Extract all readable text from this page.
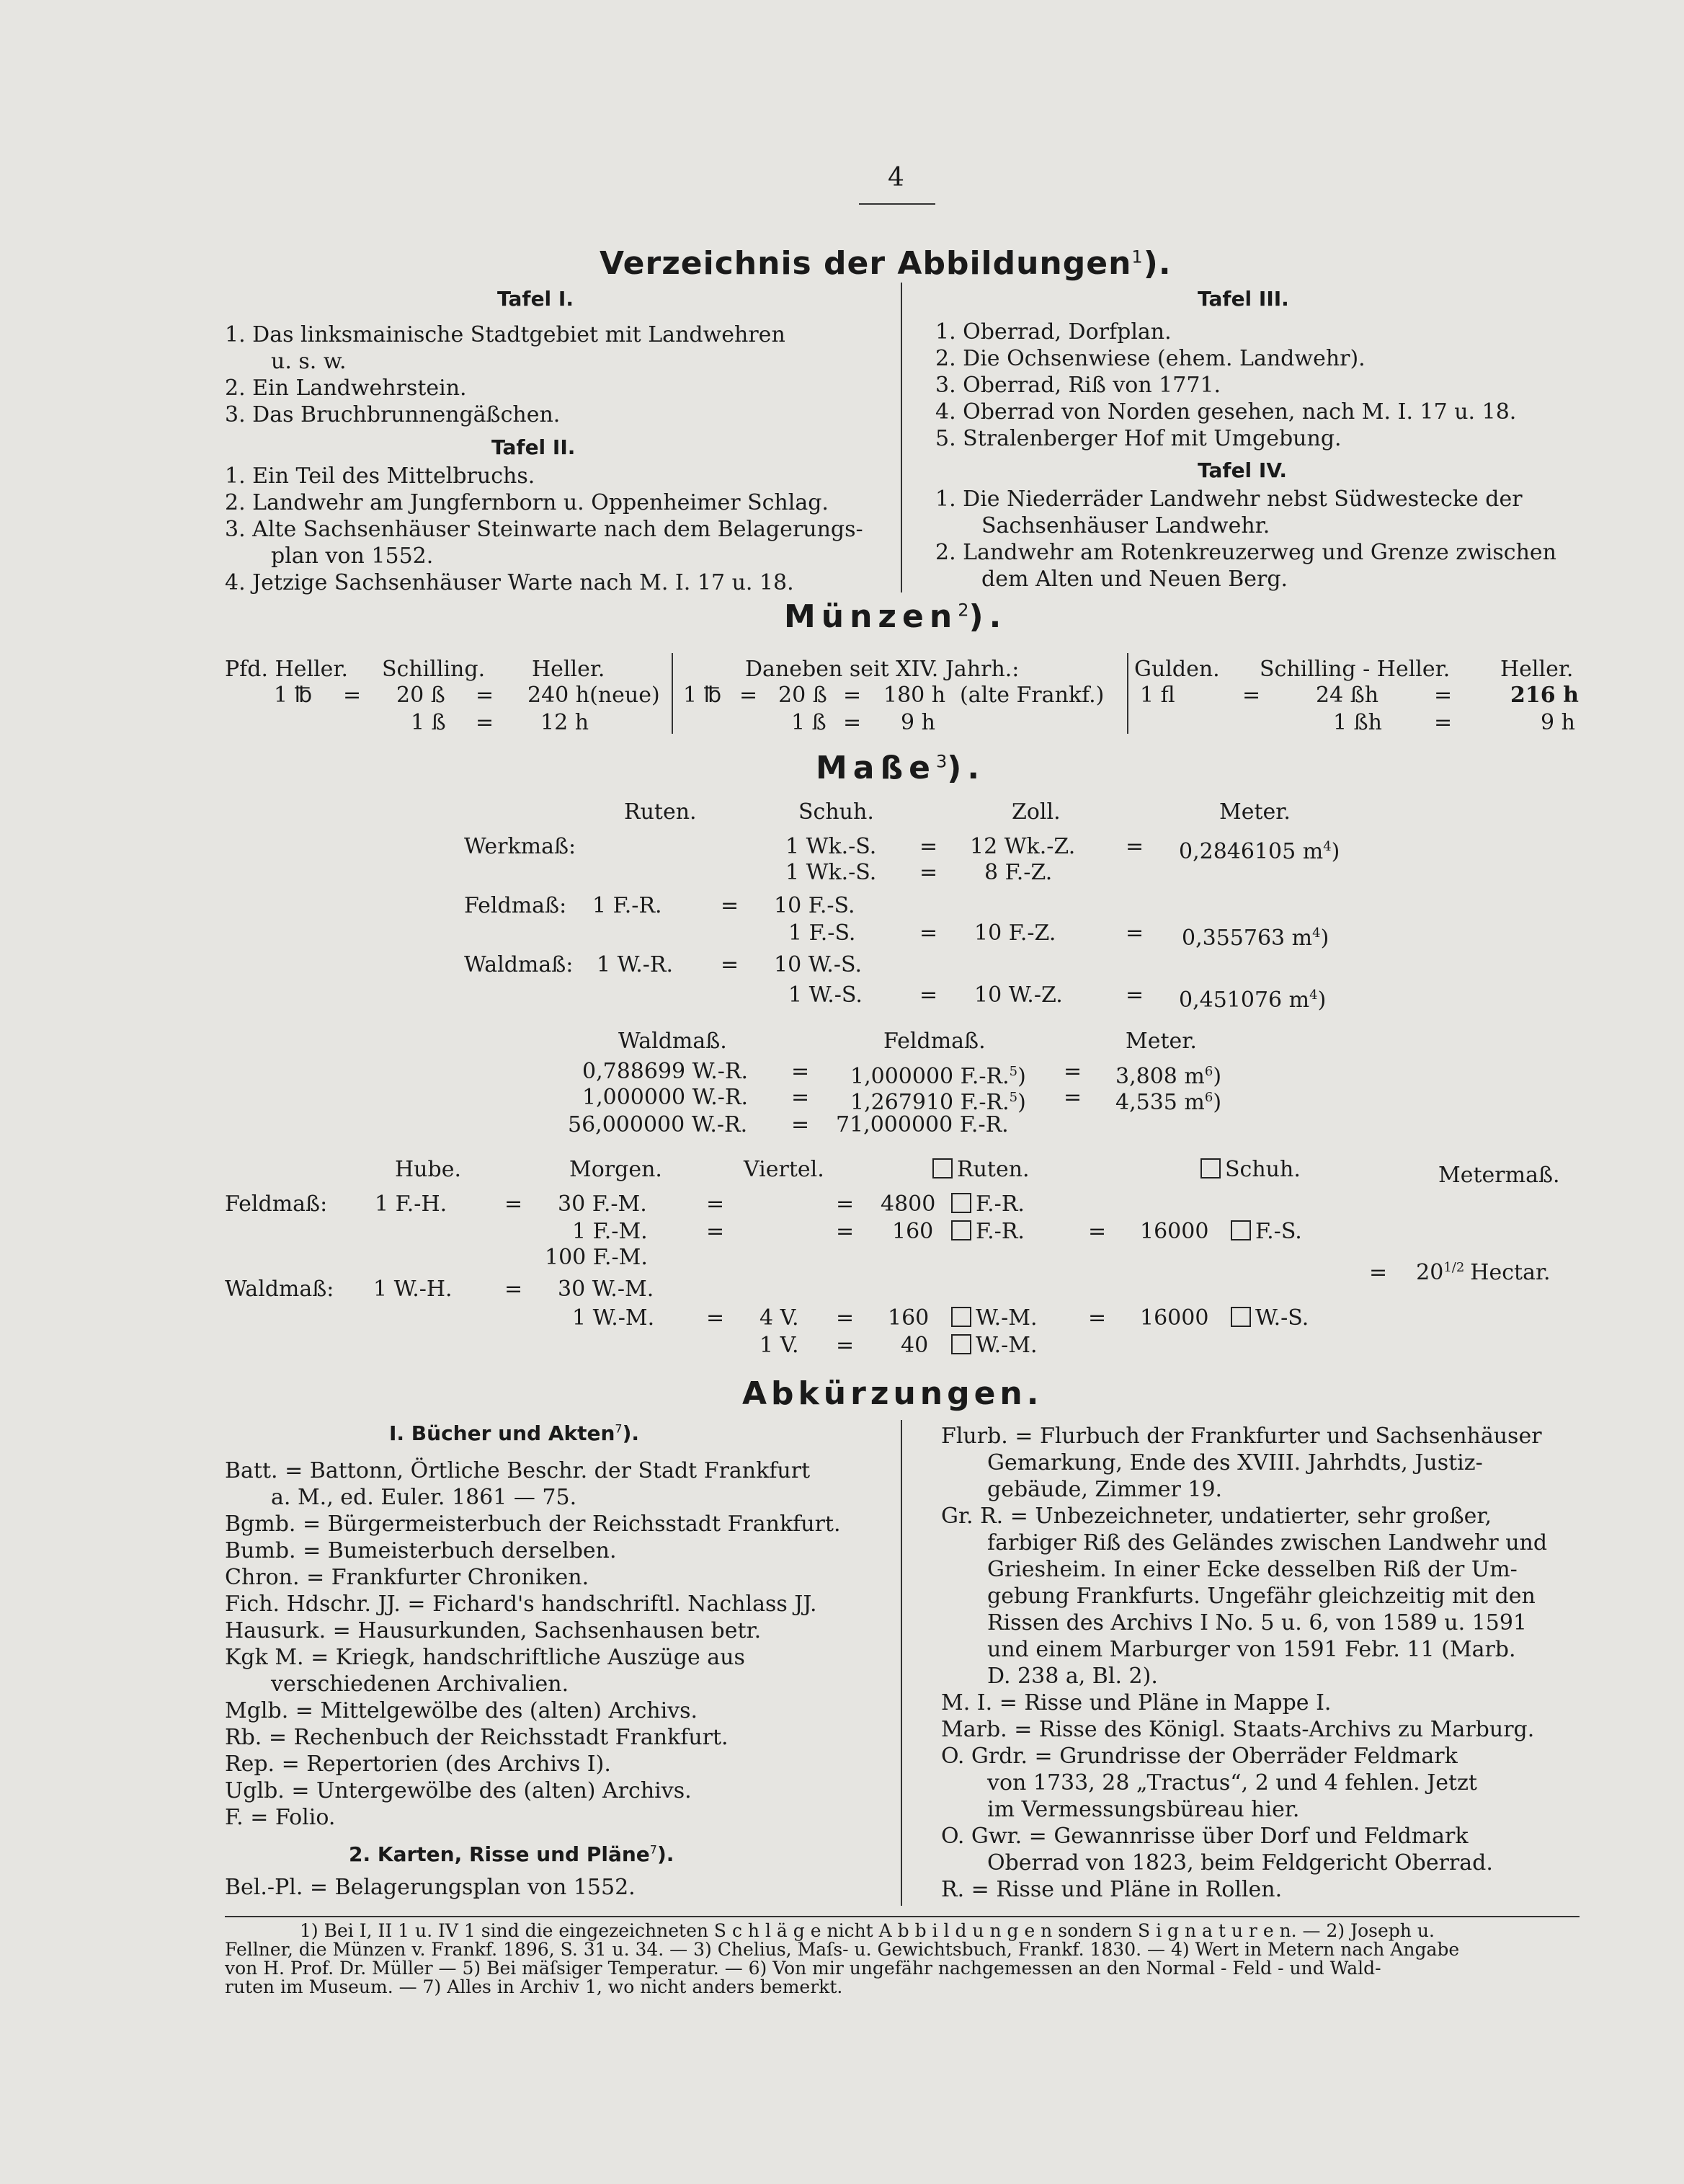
4
Verzeichnis der Abbildungen$^1$).
Tafel I.
1. Das linksmainische Stadtgebiet mit Landwehren
u. s. w.
2. Ein Landwehrstein.
3. Das Bruchbrunnengäßchen.
Tafel II.
1. Ein Teil des Mittelbruchs.
2. Landwehr am Jungfernborn u. Oppenheimer Schlag.
3. Alte Sachsenhäuser Steinwarte nach dem Belagerungs-
plan von 1552.
4. Jetzige Sachsenhäuser Warte nach M. I. 17 u. 18.
Tafel III.
1. Oberrad, Dorfplan.
2. Die Ochsenwiese (ehem. Landwehr).
3. Oberrad, Riß von 1771.
4. Oberrad von Norden gesehen, nach M. I. 17 u. 18.
5. Stralenberger Hof mit Umgebung.
Tafel IV.
1. Die Niederräder Landwehr nebst Südwestecke der
Sachsenhäuser Landwehr.
2. Landwehr am Rotenkreuzerweg und Grenze zwischen
dem Alten und Neuen Berg.
Münzen$^2$).
Pfd. Heller. Schilling. Heller.
1 ℔ = 20 ß = 240 h(neue)
1 ß = 12 h
Daneben seit XIV. Jahrh.:
1 ℔ = 20 ß = 180 h (alte Frankf.)
1 ß = 9 h
Gulden. Schilling - Heller. Heller.
1 fl	=	24 ßh	=	216 h
1 ßh =	9 h
Maße$^3$).
Ruten.	Schuh.	Zoll.	Meter.
Werkmaß:	1 Wk.-S. = 12 Wk.-Z. = 0,2846105 $m^4$)
1 Wk.-S. = 8 F.-Z.
Feldmaß: 1 F.-R.	= 10 F.-S.
1 F.-S.	= 10 F.-Z.	= 0,355763 $m^4$)
Waldmaß: 1 W.-R. = 10 W.-S.
1 W.-S.	= 10 W.-Z.	= 0,451076 $m^4$)
Waldmaß.	Feldmaß.	Meter.
0,788699 W.-R. = 1,000000 F.-R.$^5$) = 3,808 $m^6$)
1,000000 W.-R. = 1,267910 F.-R.$^5$) = 4,535 $m^6$)
56,000000 W.-R. = 71,000000 F.-R.
Hube.	Morgen.	Viertel.	Ruten.	Schuh.	Metermaß.
Feldmaß: 1 F.-H.	= 30 F.-M.	=	= 4800	F.-R.
1 F.-M.	=	= 160	F.-R.	= 16000	F.-S.
100 F.-M.
= $20^{1/2}$ Hectar.
Waldmaß: 1 W.-H. = 30 W.-M.
1 W.-M. = 4 V. = 160	W.-M. = 16000	W.-S.
1 V. = 40	W.-M.
Abkürzungen.
I. Bücher und Akten$^7$).
Batt. = Battonn, Örtliche Beschr. der Stadt Frankfurt
a. M., ed. Euler. 1861 — 75.
Bgmb. = Bürgermeisterbuch der Reichsstadt Frankfurt.
Bumb. = Bumeisterbuch derselben.
Chron. = Frankfurter Chroniken.
Fich. Hdschr. JJ. = Fichard's handschriftl. Nachlass JJ.
Hausurk. = Hausurkunden, Sachsenhausen betr.
Kgk M. = Kriegk, handschriftliche Auszüge aus
verschiedenen Archivalien.
Mglb. = Mittelgewölbe des (alten) Archivs.
Rb. = Rechenbuch der Reichsstadt Frankfurt.
Rep. = Repertorien (des Archivs I).
Uglb. = Untergewölbe des (alten) Archivs.
F. = Folio.
2. Karten, Risse und Pläne$^7$).
Bel.-Pl. = Belagerungsplan von 1552.
Flurb. = Flurbuch der Frankfurter und Sachsenhäuser
Gemarkung, Ende des XVIII. Jahrhdts, Justiz-
gebäude, Zimmer 19.
Gr. R. = Unbezeichneter, undatierter, sehr großer,
farbiger Riß des Geländes zwischen Landwehr und
Griesheim. In einer Ecke desselben Riß der Um-
gebung Frankfurts. Ungefähr gleichzeitig mit den
Rissen des Archivs I No. 5 u. 6, von 1589 u. 1591
und einem Marburger von 1591 Febr. 11 (Marb.
D. 238 a, Bl. 2).
M. I. = Risse und Pläne in Mappe I.
Marb. = Risse des Königl. Staats-Archivs zu Marburg.
O. Grdr. = Grundrisse der Oberräder Feldmark
von 1733, 28 „Tractus“, 2 und 4 fehlen. Jetzt
im Vermessungsbüreau hier.
O. Gwr. = Gewannrisse über Dorf und Feldmark
Oberrad von 1823, beim Feldgericht Oberrad.
R. = Risse und Pläne in Rollen.
1) Bei I, II 1 u. IV 1 sind die eingezeichneten S c h l ä g e nicht A b b i l d u n g e n sondern S i g n a t u r e n. — 2) Joseph u.
Fellner, die Münzen v. Frankf. 1896, S. 31 u. 34. — 3) Chelius, Maſs- u. Gewichtsbuch, Frankf. 1830. — 4) Wert in Metern nach Angabe
von H. Prof. Dr. Müller — 5) Bei mäſsiger Temperatur. — 6) Von mir ungefähr nachgemessen an den Normal - Feld - und Wald-
ruten im Museum. — 7) Alles in Archiv 1, wo nicht anders bemerkt.
